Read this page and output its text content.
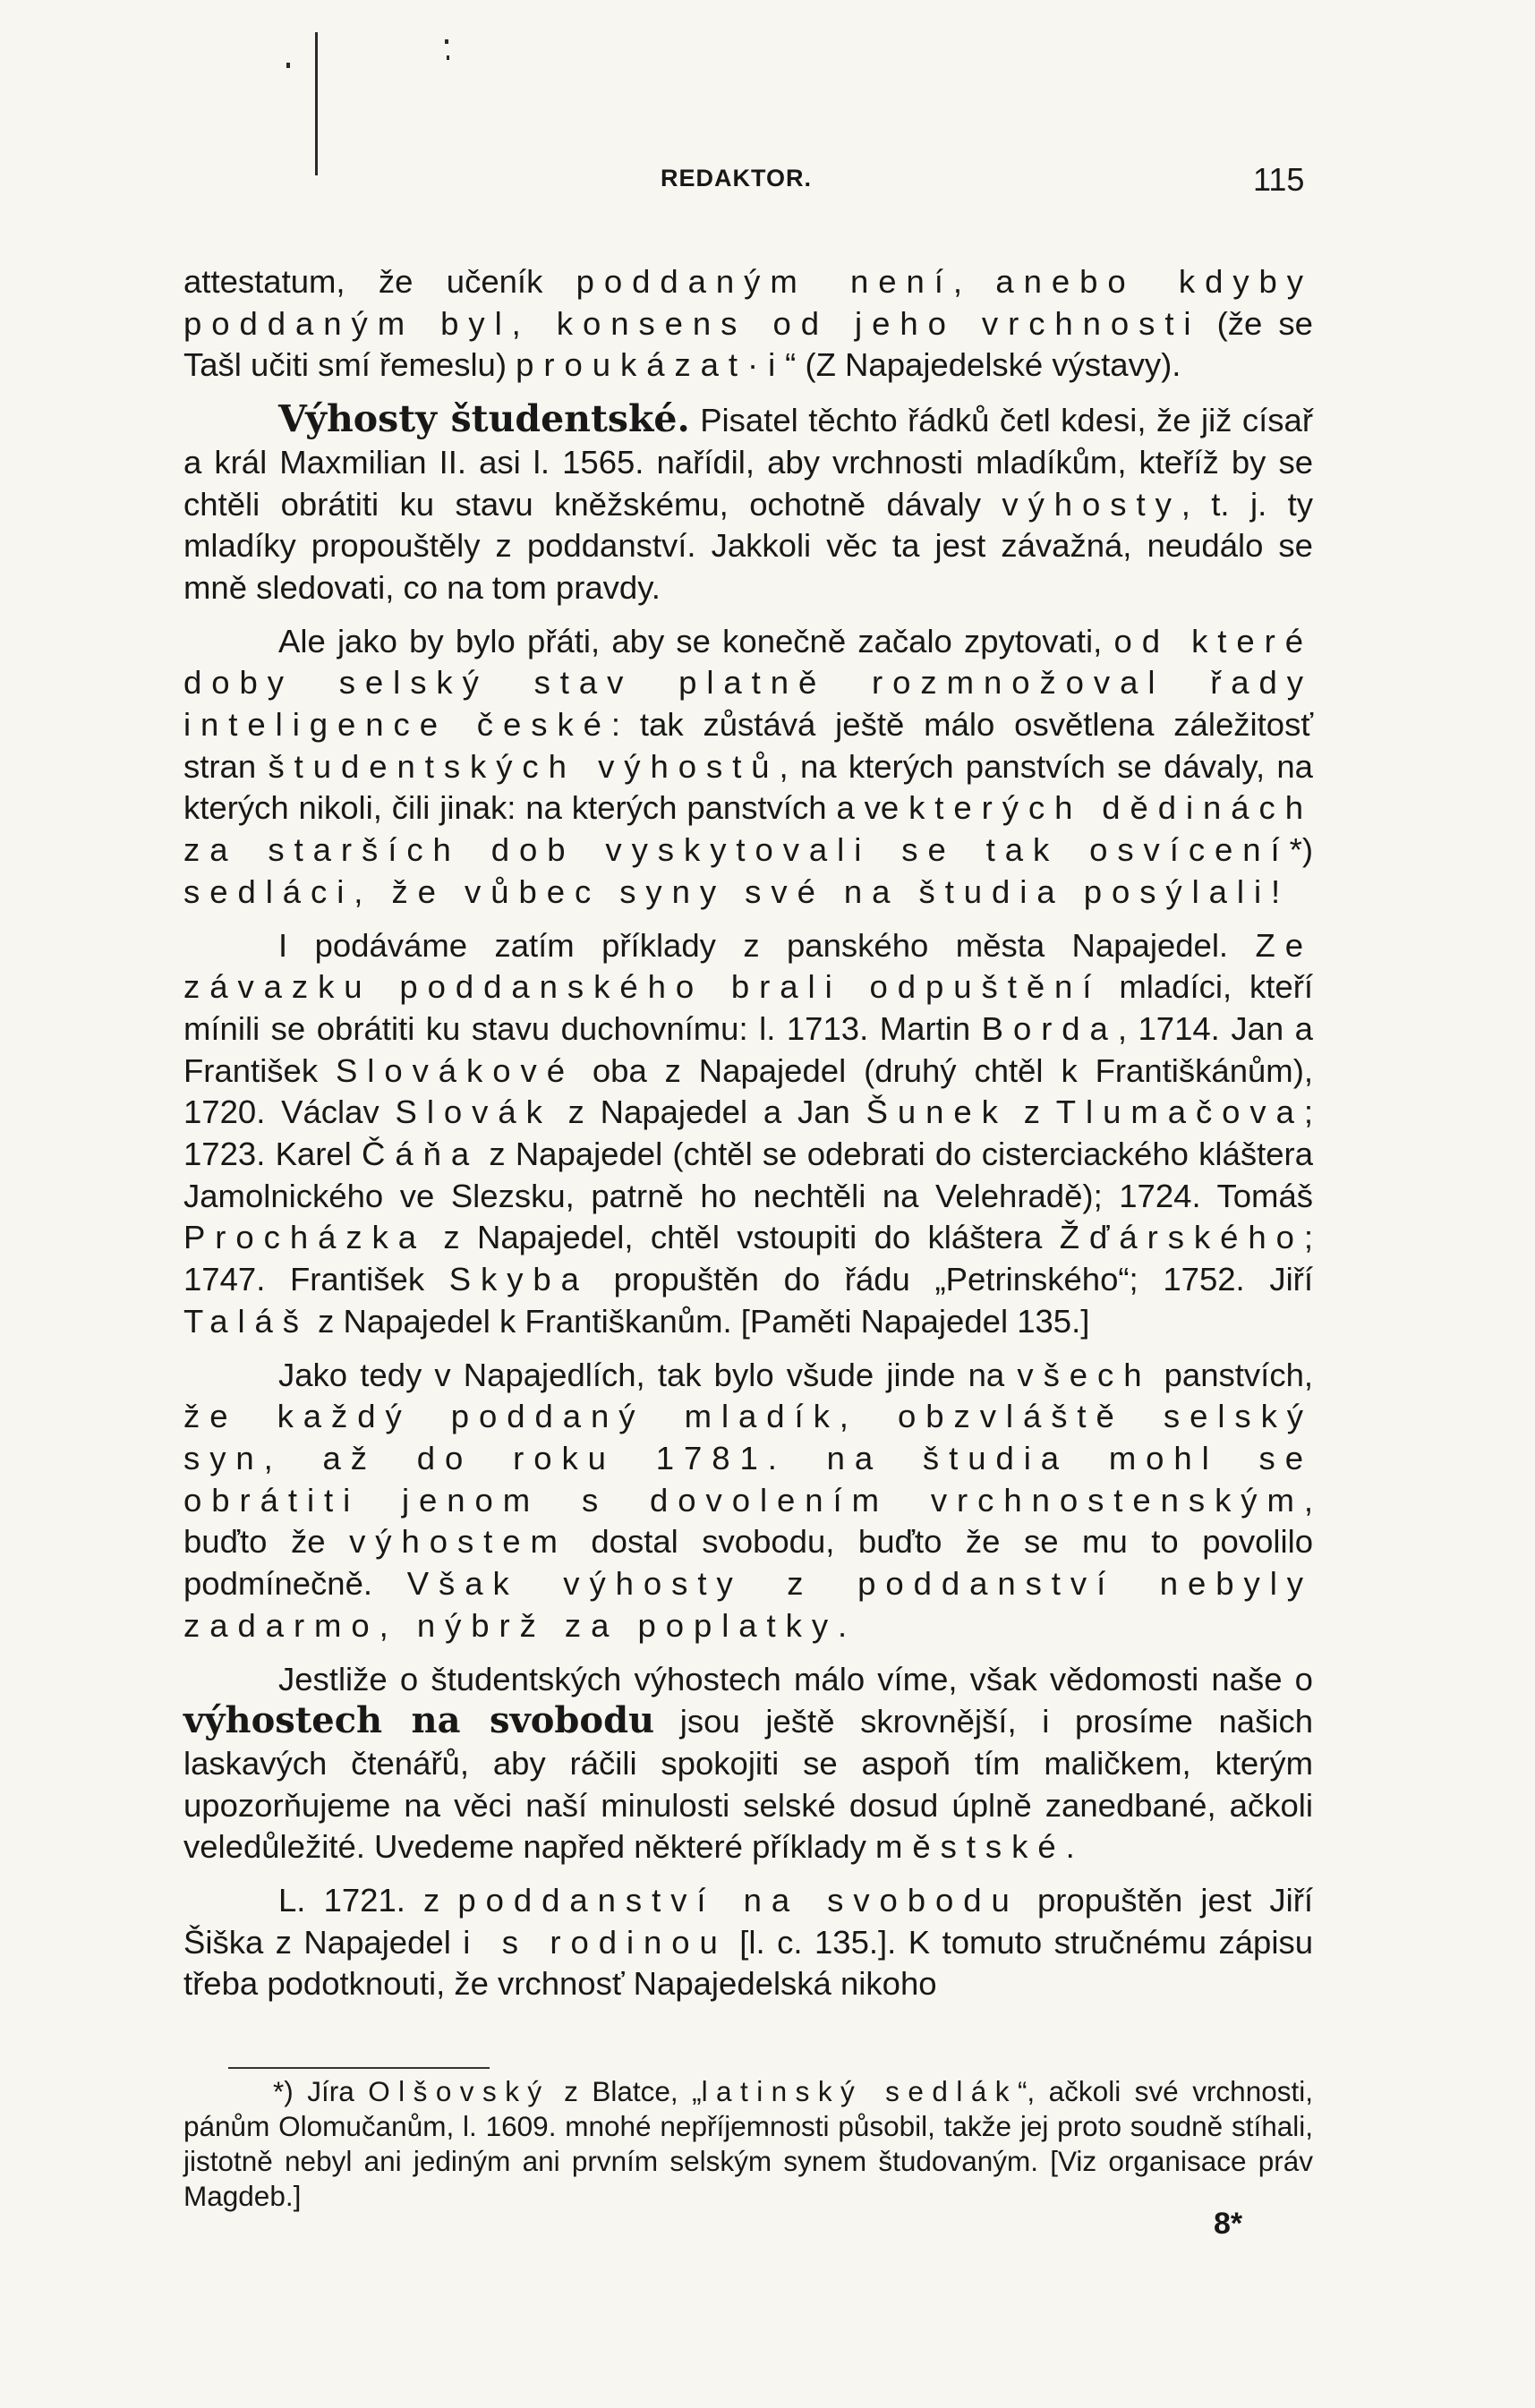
REDAKTOR.	115

attestatum, že učeník poddaným není, anebo kdyby poddaným byl, konsens od jeho vrchnosti (že se Tašl učiti smí řemeslu) proukázat·i“ (Z Napajedelské výstavy).

Výhosty študentské. Pisatel těchto řádků četl kdesi, že již císař a král Maxmilian II. asi l. 1565. nařídil, aby vrchnosti mladíkům, kteříž by se chtěli obrátiti ku stavu kněžskému, ochotně dávaly výhosty, t. j. ty mladíky propouštěly z poddanství. Jakkoli věc ta jest závažná, neudálo se mně sledovati, co na tom pravdy.

Ale jako by bylo přáti, aby se konečně začalo zpytovati, od které doby selský stav platně rozmnožoval řady inteligence české: tak zůstává ještě málo osvětlena záležitosť stran študentských výhostů, na kterých panstvích se dávaly, na kterých nikoli, čili jinak: na kterých panstvích a ve kterých dědinách za starších dob vyskytovali se tak osvícení*) sedláci, že vůbec syny své na študia posýlali!

I podáváme zatím příklady z panského města Napajedel. Ze závazku poddanského brali odpuštění mladíci, kteří mínili se obrátiti ku stavu duchovnímu: l. 1713. Martin Borda, 1714. Jan a František Slovákové oba z Napajedel (druhý chtěl k Františkánům), 1720. Václav Slovák z Napajedel a Jan Šunek z Tlumačova; 1723. Karel Čáňa z Napajedel (chtěl se odebrati do cisterciackého kláštera Jamolnického ve Slezsku, patrně ho nechtěli na Velehradě); 1724. Tomáš Procházka z Napajedel, chtěl vstoupiti do kláštera Žďárského; 1747. František Skyba propuštěn do řádu „Petrinského“; 1752. Jiří Taláš z Napajedel k Františkanům. [Paměti Napajedel 135.]

Jako tedy v Napajedlích, tak bylo všude jinde na všech panstvích, že každý poddaný mladík, obzvláště selský syn, až do roku 1781. na študia mohl se obrátiti jenom s dovolením vrchnostenským, buďto že výhostem dostal svobodu, buďto že se mu to povolilo podmínečně. Však výhosty z poddanství nebyly zadarmo, nýbrž za poplatky.

Jestliže o študentských výhostech málo víme, však vědomosti naše o výhostech na svobodu jsou ještě skrovnější, i prosíme našich laskavých čtenářů, aby ráčili spokojiti se aspoň tím maličkem, kterým upozorňujeme na věci naší minulosti selské dosud úplně zanedbané, ačkoli veledůležité. Uvedeme napřed některé příklady městské.

L. 1721. z poddanství na svobodu propuštěn jest Jiří Šiška z Napajedel i s rodinou [l. c. 135.]. K tomuto stručnému zápisu třeba podotknouti, že vrchnosť Napajedelská nikoho

*) Jíra Olšovský z Blatce, „latinský sedlák“, ačkoli své vrchnosti, pánům Olomučanům, l. 1609. mnohé nepříjemnosti působil, takže jej proto soudně stíhali, jistotně nebyl ani jediným ani prvním selským synem študovaným. [Viz organisace práv Magdeb.]

8*
